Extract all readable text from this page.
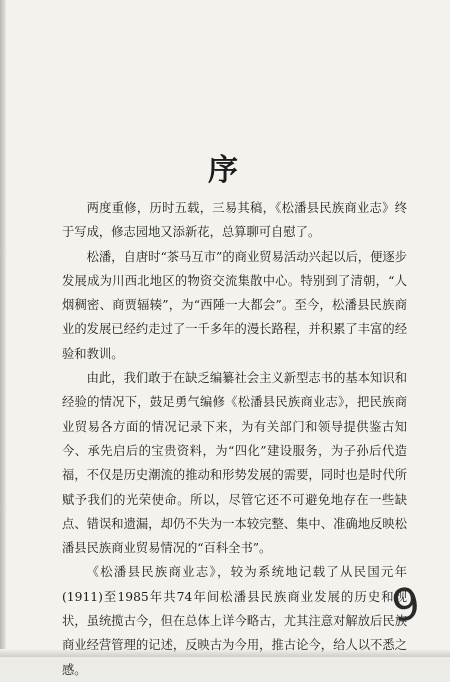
序

两度重修，历时五载，三易其稿，《松潘县民族商业志》终于写成，修志园地又添新花，总算聊可自慰了。

松潘，自唐时“茶马互市”的商业贸易活动兴起以后，便逐步发展成为川西北地区的物资交流集散中心。特别到了清朝，“人烟稠密、商贾辐辏”，为“西陲一大都会”。至今，松潘县民族商业的发展已经约走过了一千多年的漫长路程，并积累了丰富的经验和教训。

由此，我们敢于在缺乏编纂社会主义新型志书的基本知识和经验的情况下，鼓足勇气编修《松潘县民族商业志》，把民族商业贸易各方面的情况记录下来，为有关部门和领导提供鉴古知今、承先启后的宝贵资料，为“四化”建设服务，为子孙后代造福，不仅是历史潮流的推动和形势发展的需要，同时也是时代所赋予我们的光荣使命。所以，尽管它还不可避免地存在一些缺点、错误和遗漏，却仍不失为一本较完整、集中、准确地反映松潘县民族商业贸易情况的“百科全书”。

《松潘县民族商业志》，较为系统地记载了从民国元年(1911)至1985年共74年间松潘县民族商业发展的历史和现状，虽统揽古今，但在总体上详今略古，尤其注意对解放后民族商业经营管理的记述，反映古为今用，推古论今，给人以不悉之感。

9
